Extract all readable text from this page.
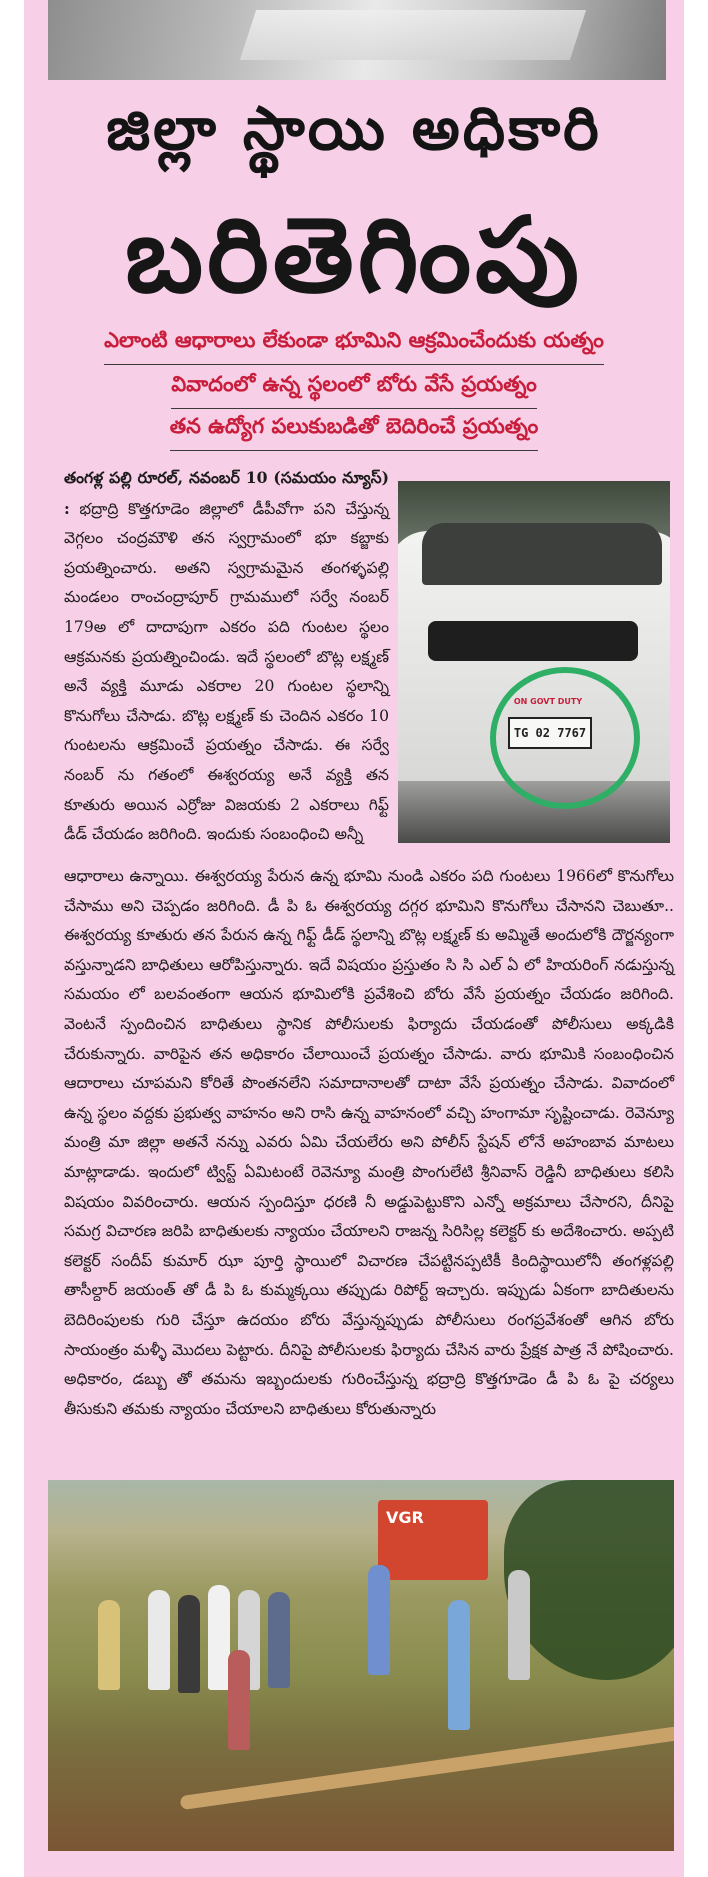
జిల్లా స్థాయి అధికారి
బరితెగింపు
ఎలాంటి ఆధారాలు లేకుండా భూమిని ఆక్రమించేందుకు యత్నం
వివాదంలో ఉన్న స్థలంలో బోరు వేసే ప్రయత్నం
తన ఉద్యోగ పలుకుబడితో బెదిరించే ప్రయత్నం
తంగళ్ల పల్లి రూరల్, నవంబర్ 10 (సమయం న్యూస్) : భద్రాద్రి కొత్తగూడెం జిల్లాలో డీపీవోగా పని చేస్తున్న వెగ్గలం చంద్రమౌళి తన స్వగ్రామంలో భూ కబ్జాకు ప్రయత్నించారు. అతని స్వగ్రామమైన తంగళ్ళపల్లి మండలం రాంచంద్రాపూర్ గ్రామములో సర్వే నంబర్ 179అ లో దాదాపుగా ఎకరం పది గుంటల స్థలం ఆక్రమనకు ప్రయత్నించిండు. ఇదే స్థలంలో బొట్ల లక్ష్మణ్ అనే వ్యక్తి మూడు ఎకరాల 20 గుంటల స్థలాన్ని కొనుగోలు చేసాడు. బొట్ల లక్ష్మణ్ కు చెందిన ఎకరం 10 గుంటలను ఆక్రమించే ప్రయత్నం చేసాడు. ఈ సర్వే నంబర్ ను గతంలో ఈశ్వరయ్య అనే వ్యక్తి తన కూతురు అయిన ఎర్రోజు విజయకు 2 ఎకరాలు గిఫ్ట్ డీడ్ చేయడం జరిగింది. ఇందుకు సంబంధించి అన్నీ
ON GOVT DUTY
TG 02 7767
ఆధారాలు ఉన్నాయి. ఈశ్వరయ్య పేరున ఉన్న భూమి నుండి ఎకరం పది గుంటలు 1966లో కొనుగోలు చేసాము అని చెప్పడం జరిగింది. డీ పి ఓ ఈశ్వరయ్య దగ్గర భూమిని కొనుగోలు చేసానని చెబుతూ.. ఈశ్వరయ్య కూతురు తన పేరున ఉన్న గిఫ్ట్ డీడ్ స్థలాన్ని బొట్ల లక్ష్మణ్ కు అమ్మితే అందులోకి దౌర్జన్యంగా వస్తున్నాడని బాధితులు ఆరోపిస్తున్నారు. ఇదే విషయం ప్రస్తుతం సి సి ఎల్ ఏ లో హియరింగ్ నడుస్తున్న సమయం లో బలవంతంగా ఆయన భూమిలోకి ప్రవేశించి బోరు వేసే ప్రయత్నం చేయడం జరిగింది. వెంటనే స్పందించిన బాధితులు స్థానిక పోలీసులకు ఫిర్యాదు చేయడంతో పోలీసులు అక్కడికి చేరుకున్నారు. వారిపైన తన అధికారం చేలాయించే ప్రయత్నం చేసాడు. వారు భూమికి సంబంధించిన ఆదారాలు చూపమని కోరితే పొంతనలేని సమాదానాలతో దాటా వేసే ప్రయత్నం చేసాడు. వివాదంలో ఉన్న స్థలం వద్దకు ప్రభుత్వ వాహనం అని రాసి ఉన్న వాహనంలో వచ్చి హంగామా సృష్టించాడు. రెవెన్యూ మంత్రి మా జిల్లా అతనే నన్ను ఎవరు ఏమి చేయలేరు అని పోలీస్ స్టేషన్ లోనే అహంబావ మాటలు మాట్లాడాడు. ఇందులో ట్విస్ట్ ఏమిటంటే రెవెన్యూ మంత్రి పొంగులేటి శ్రీనివాస్ రెడ్డినీ బాధితులు కలిసి విషయం వివరించారు. ఆయన స్పందిస్తూ ధరణి నీ అడ్డుపెట్టుకొని ఎన్నో అక్రమాలు చేసారని, దీనిపై సమగ్ర విచారణ జరిపి బాధితులకు న్యాయం చేయాలని రాజన్న సిరిసిల్ల కలెక్టర్ కు అదేశించారు. అప్పటి కలెక్టర్ సందీప్ కుమార్ ఝా పూర్తి స్థాయిలో విచారణ చేపట్టినప్పటికీ కిందిస్థాయిలోనీ తంగళ్లపల్లి తాసీల్దార్ జయంత్ తో డీ పి ఓ కుమ్మక్కయి తప్పుడు రిపోర్ట్ ఇచ్చారు. ఇప్పుడు ఏకంగా బాదితులను బెదిరింపులకు గురి చేస్తూ ఉదయం బోరు వేస్తున్నప్పుడు పోలీసులు రంగప్రవేశంతో ఆగిన బోరు సాయంత్రం మళ్ళీ మొదలు పెట్టారు. దీనిపై పోలీసులకు ఫిర్యాదు చేసిన వారు ప్రేక్షక పాత్ర నే పోషించారు. అధికారం, డబ్బు తో తమను ఇబ్బందులకు గురించేస్తున్న భద్రాద్రి కొత్తగూడెం డీ పి ఓ పై చర్యలు తీసుకుని తమకు న్యాయం చేయాలని బాధితులు కోరుతున్నారు
VGR
